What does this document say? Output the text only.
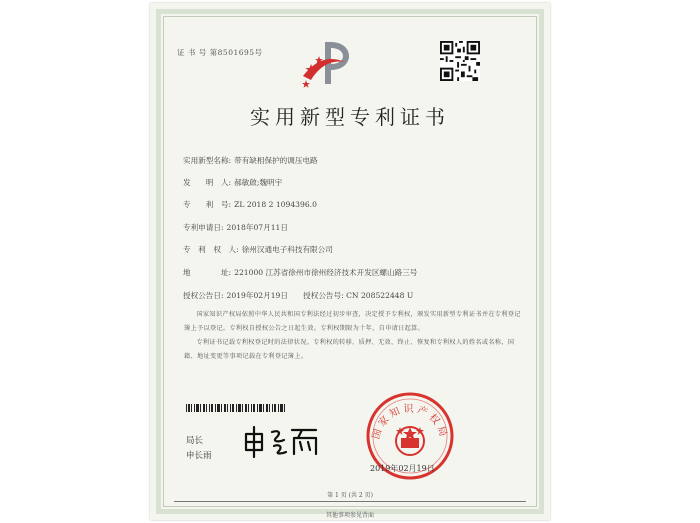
证 书 号 第8501695号
实用新型专利证书
实用新型名称: 带有缺相保护的调压电路
发　　明　人: 郝敏啟;魏明宇
专　　利　号: ZL 2018 2 1094396.0
专利申请日: 2018年07月11日
专　利　权　人: 徐州汉通电子科技有限公司
地　　　　址: 221000 江苏省徐州市徐州经济技术开发区螺山路三号
授权公告日: 2019年02月19日　　授权公告号: CN 208522448 U
国家知识产权局依照中华人民共和国专利法经过初步审查，决定授予专利权，颁发实用新型专利证书并在专利登记簿上予以登记。专利权自授权公告之日起生效。专利权期限为十年，自申请日起算。
专利证书记载专利权登记时的法律状况。专利权的转移、质押、无效、终止、恢复和专利权人的姓名或名称、国籍、地址变更等事项记载在专利登记簿上。
局长
申长雨
国家知识产权局
2019年02月19日
第 1 页 (共 2 页)
其他事项参见背面
